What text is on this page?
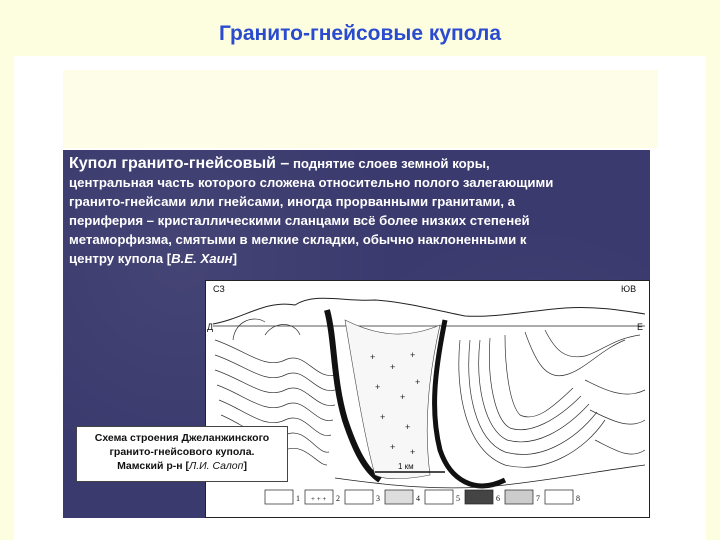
Гранито-гнейсовые купола
Купол гранито-гнейсовый – поднятие слоев земной коры,
центральная часть которого сложена относительно полого залегающими
гранито-гнейсами или гнейсами, иногда прорванными гранитами, а
периферия – кристаллическими сланцами всё более низких степеней
метаморфизма, смятыми в мелкие складки, обычно наклоненными к
центру купола [В.Е. Хаин]
+
+
+
+
+
+
+
+
+ +
1 км
СЗ	ЮВ
Д	Е
1 + + + 2	3	4	5	6	7	8
Схема строения Джеланжинского
гранито-гнейсового купола.
Мамский р-н [Л.И. Салоп]
